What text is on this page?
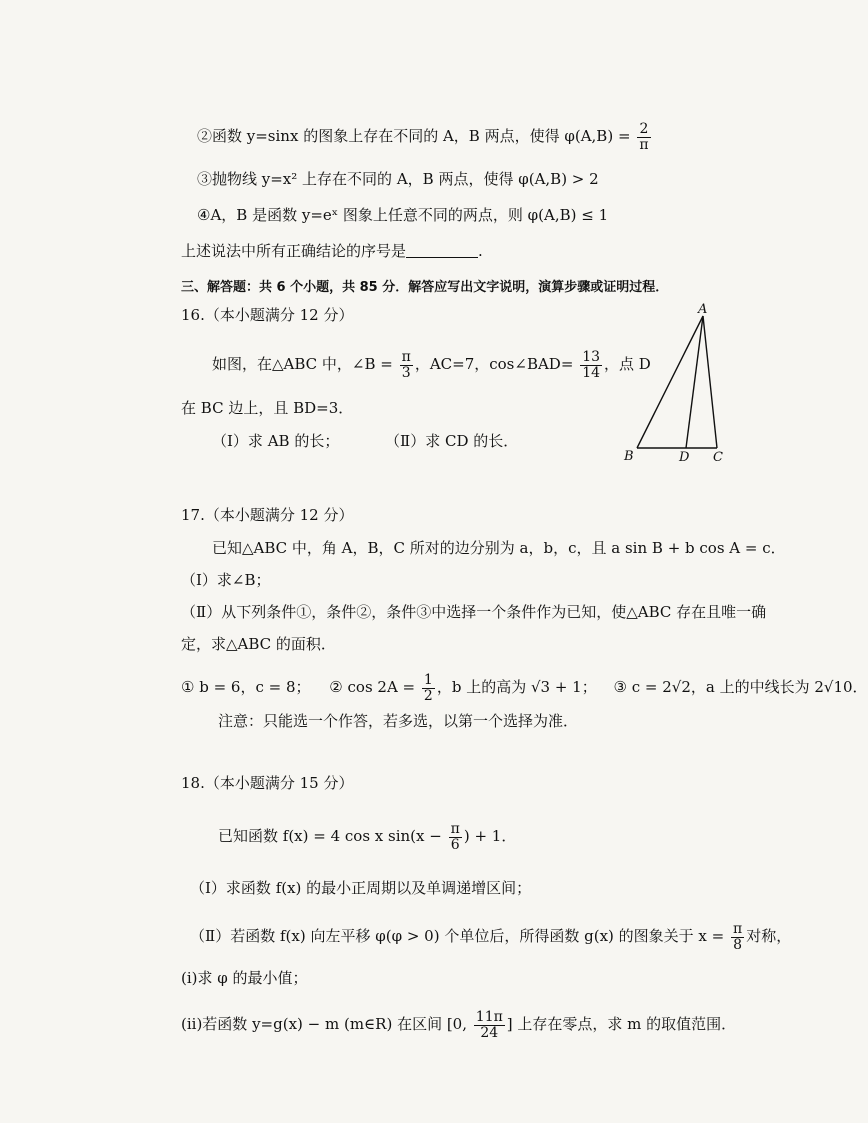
②函数 y=sinx 的图象上存在不同的 A，B 两点，使得 $\varphi(A,B) = \frac{2}{\pi}$
③抛物线 y=x² 上存在不同的 A，B 两点，使得 φ(A,B) > 2
④A，B 是函数 y=eˣ 图象上任意不同的两点，则 φ(A,B) ≤ 1
上述说法中所有正确结论的序号是	.
三、解答题：共 6 个小题，共 85 分．解答应写出文字说明，演算步骤或证明过程．
16.（本小题满分 12 分）
如图，在△ABC 中，∠B = $\frac{\pi}{3}$ ，AC=7，cos∠BAD= $\frac{13}{14}$ ，点 D
在 BC 边上，且 BD=3．
（Ⅰ）求 AB 的长；	（Ⅱ）求 CD 的长．
A
B	D C
17.（本小题满分 12 分）
已知△ABC 中，角 A，B，C 所对的边分别为 a，b，c，且 a sin B + b cos A = c．
（Ⅰ）求∠B；
（Ⅱ）从下列条件①，条件②，条件③中选择一个条件作为已知，使△ABC 存在且唯一确
定，求△ABC 的面积．
① b = 6，c = 8； ② $\cos 2A = \frac{1}{2}$ ，b 上的高为 √3 + 1； ③ c = 2√2，a 上的中线长为 2√10．
注意：只能选一个作答，若多选，以第一个选择为准．
18.（本小题满分 15 分）
已知函数 f(x) = 4 cos x $\sin(x - \frac{\pi}{6}$ ) + 1．
（Ⅰ）求函数 f(x) 的最小正周期以及单调递增区间；
（Ⅱ）若函数 f(x) 向左平移 φ(φ > 0) 个单位后，所得函数 g(x) 的图象关于 $x = \frac{\pi}{8}$ 对称，
(i)求 φ 的最小值；
(ii)若函数 y=g(x) − m (m∈R) 在区间 [0, $\frac{11\pi}{24}$ ] 上存在零点，求 m 的取值范围．
